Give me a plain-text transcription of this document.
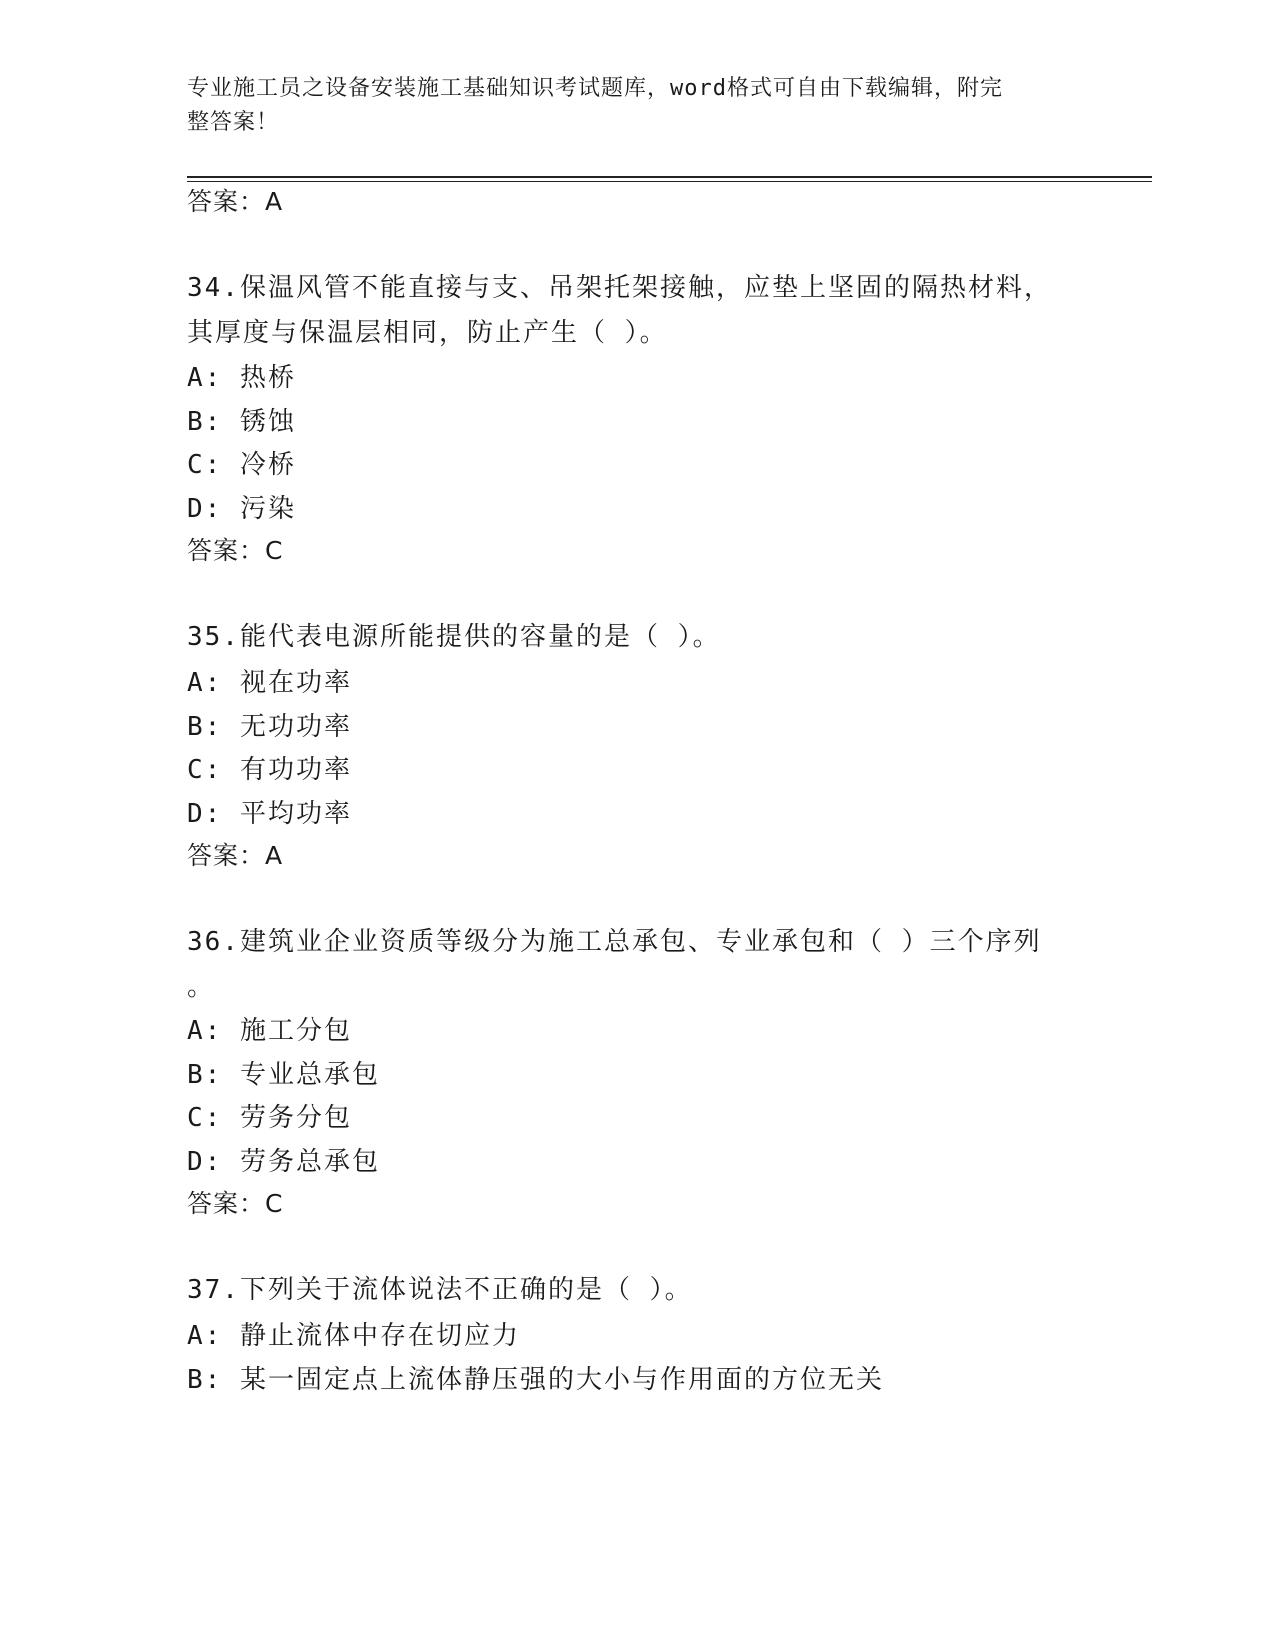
专业施工员之设备安装施工基础知识考试题库，word格式可自由下载编辑，附完
整答案！
答案：A
34.保温风管不能直接与支、吊架托架接触，应垫上坚固的隔热材料，
其厚度与保温层相同，防止产生（ ）。
A: 热桥
B: 锈蚀
C: 冷桥
D: 污染
答案：C
35.能代表电源所能提供的容量的是（ ）。
A: 视在功率
B: 无功功率
C: 有功功率
D: 平均功率
答案：A
36.建筑业企业资质等级分为施工总承包、专业承包和（ ）三个序列
。
A: 施工分包
B: 专业总承包
C: 劳务分包
D: 劳务总承包
答案：C
37.下列关于流体说法不正确的是（ ）。
A: 静止流体中存在切应力
B: 某一固定点上流体静压强的大小与作用面的方位无关
